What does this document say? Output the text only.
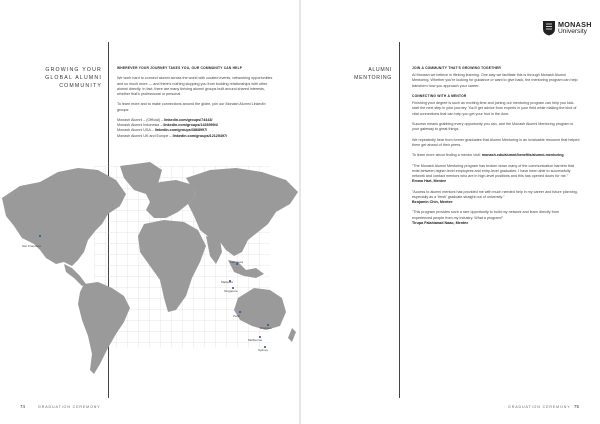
GROWING YOUR
GLOBAL ALUMNI
COMMUNITY

WHEREVER YOUR JOURNEY TAKES YOU, OUR COMMUNITY CAN HELP

We work hard to connect alumni across the world with curated events, networking opportunities and so much more — and there's nothing stopping you from building relationships with other alumni directly. In fact, there are many thriving alumni groups built around shared interests, whether that's professional or personal.

To learn more and to make connections around the globe, join our Monash Alumni LinkedIn groups:

Monash Alumni – (Official) – linkedin.com/groups/74443/
Monash Alumni Indonesia – linkedin.com/groups/14369994/
Monash Alumni USA – linkedin.com/groups/3868997/
Monash Alumni UK and Europe – linkedin.com/groups/12125497/
San Francisco
Indonesia
Malaysia
Singapore
Perth
Brisbane
Melbourne
Sydney
74	GRADUATION CEREMONY
MONASH
University
ALUMNI MENTORING

JOIN A COMMUNITY THAT'S GROWING TOGETHER

At Monash we believe in lifelong learning. One way we facilitate this is through Monash Alumni Mentoring. Whether you're looking for guidance or want to give back, the mentoring program can help transform how you approach your career.

CONNECTING WITH A MENTOR

Finishing your degree is such an exciting time and joining our mentoring program can help you kick-start the next step in your journey. You'll get advice from experts in your field while making the kind of vital connections that can help you get your foot in the door.

Success means grabbing every opportunity you can, and the Monash Alumni Mentoring program is your gateway to great things.

We repeatedly hear from former graduates that Alumni Mentoring is an invaluable resource that helped them get ahead of their peers.

To learn more about finding a mentor visit: monash.edu/alumni/benefits/alumni-mentoring

"The Monash Alumni Mentoring program has broken down many of the communication barriers that exist between higher-level employees and entry-level graduates. I have been able to successfully network and contact mentors who are in high-level positions and this has opened doors for me."
Emma Hart, Mentee

"Access to alumni mentors has provided me with much needed help in my career and future planning, especially as a 'fresh' graduate straight out of university."
Benjamin Chin, Mentee

"This program provides such a rare opportunity to build my network and learn directly from experienced people from my industry. What a program!"
Tirupa Falahianad Naao, Mentee

GRADUATION CEREMONY 75
